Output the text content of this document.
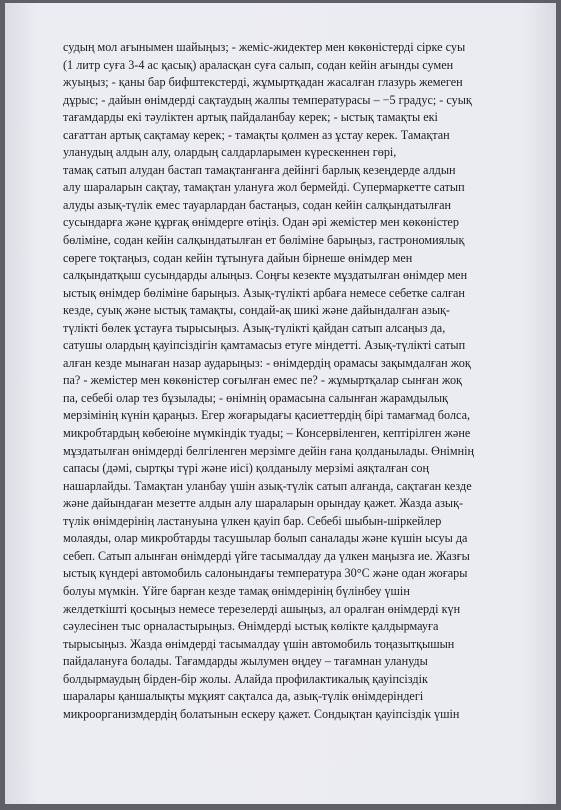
судың мол ағынымен шайыңыз; - жеміс-жидектер мен көкөністерді сірке суы
(1 литр суға 3-4 ас қасық) араласқан суға салып, содан кейін ағынды сумен
жуыңыз; - қаны бар бифштекстерді, жұмыртқадан жасалған глазурь жемеген
дұрыс; - дайын өнімдерді сақтаудың жалпы температурасы – −5 градус; - суық
тағамдарды екі тәуліктен артық пайдаланбау керек; - ыстық тамақты екі
сағаттан артық сақтамау керек; - тамақты қолмен аз ұстау керек. Тамақтан
уланудың алдын алу, олардың салдарларымен күрескеннен гөрі,
тамақ сатып алудан бастап тамақтанғанға дейінгі барлық кезеңдерде алдын
алу шараларын сақтау, тамақтан улануға жол бермейді. Супермаркетте сатып
алуды азық-түлік емес тауарлардан бастаңыз, содан кейін салқындатылған
сусындарға және құрғақ өнімдерге өтіңіз. Одан әрі жемістер мен көкөністер
бөліміне, содан кейін салқындатылған ет бөліміне барыңыз, гастрономиялық
сөреге тоқтаңыз, содан кейін тұтынуға дайын бірнеше өнімдер мен
салқындатқыш сусындарды алыңыз. Соңғы кезекте мұздатылған өнімдер мен
ыстық өнімдер бөліміне барыңыз. Азық-түлікті арбаға немесе себетке салған
кезде, суық және ыстық тамақты, сондай-ақ шикі және дайындалған азық-
түлікті бөлек ұстауға тырысыңыз. Азық-түлікті қайдан сатып алсаңыз да,
сатушы олардың қауіпсіздігін қамтамасыз етуге міндетті. Азық-түлікті сатып
алған кезде мынаған назар аударыңыз: - өнімдердің орамасы зақымдалған жоқ
па? - жемістер мен көкөністер соғылған емес пе? - жұмыртқалар сынған жоқ
па, себебі олар тез бұзылады; - өнімнің орамасына салынған жарамдылық
мерзімінің күнін қараңыз. Егер жоғарыдағы қасиеттердің бірі тамағмад болса,
микробтардың көбеюіне мүмкіндік туады; – Консервіленген, кептірілген және
мұздатылған өнімдерді белгіленген мерзімге дейін ғана қолданылады. Өнімнің
сапасы (дәмі, сыртқы түрі және иісі) қолданылу мерзімі аяқталған соң
нашарлайды. Тамақтан уланбау үшін азық-түлік сатып алғанда, сақтаған кезде
және дайындаған мезетте алдын алу шараларын орындау қажет. Жазда азық-
түлік өнімдерінің ластануына үлкен қауіп бар. Себебі шыбын-шіркейлер
молаяды, олар микробтарды тасушылар болып саналады және күшін ысуы да
себеп. Сатып алынған өнімдерді үйге тасымалдау да үлкен маңызға ие. Жазғы
ыстық күндері автомобиль салонындағы температура 30°C және одан жоғары
болуы мүмкін. Үйге барған кезде тамақ өнімдерінің бүлінбеу үшін
желдеткішті қосыңыз немесе терезелерді ашыңыз, ал оралған өнімдерді күн
сәулесінен тыс орналастырыңыз. Өнімдерді ыстық көлікте қалдырмауға
тырысыңыз. Жазда өнімдерді тасымалдау үшін автомобиль тоңазытқышын
пайдалануға болады. Тағамдарды жылумен өңдеу – тағамнан улануды
болдырмаудың бірден-бір жолы. Алайда профилактикалық қауіпсіздік
шаралары қаншалықты мұқият сақталса да, азық-түлік өнімдеріндегі
микроорганизмдердің болатынын ескеру қажет. Сондықтан қауіпсіздік үшін
